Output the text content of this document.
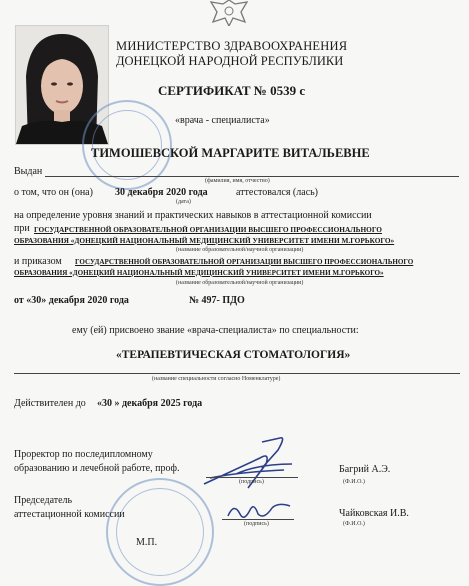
МИНИСТЕРСТВО ЗДРАВООХРАНЕНИЯ
ДОНЕЦКОЙ НАРОДНОЙ РЕСПУБЛИКИ
СЕРТИФИКАТ № 0539 с
«врача - специалиста»
Выдан
ТИМОШЕВСКОЙ МАРГАРИТЕ ВИТАЛЬЕВНЕ
(фамилия, имя, отчество)
о том, что он (она) 30 декабря 2020 года	аттестовался (лась)
(дата)
на определение уровня знаний и практических навыков в аттестационной комиссии
при ГОСУДАРСТВЕННОЙ ОБРАЗОВАТЕЛЬНОЙ ОРГАНИЗАЦИИ ВЫСШЕГО ПРОФЕССИОНАЛЬНОГО
ОБРАЗОВАНИЯ «ДОНЕЦКИЙ НАЦИОНАЛЬНЫЙ МЕДИЦИНСКИЙ УНИВЕРСИТЕТ ИМЕНИ М.ГОРЬКОГО»
(название образовательной/научной организации)
и приказом ГОСУДАРСТВЕННОЙ ОБРАЗОВАТЕЛЬНОЙ ОРГАНИЗАЦИИ ВЫСШЕГО ПРОФЕССИОНАЛЬНОГО
ОБРАЗОВАНИЯ «ДОНЕЦКИЙ НАЦИОНАЛЬНЫЙ МЕДИЦИНСКИЙ УНИВЕРСИТЕТ ИМЕНИ М.ГОРЬКОГО»
(название образовательной/научной организации)
от «30» декабря 2020 года	№ 497- ПДО
ему (ей) присвоено звание «врача-специалиста» по специальности:
«ТЕРАПЕВТИЧЕСКАЯ СТОМАТОЛОГИЯ»
(название специальности согласно Номенклатуре)
Действителен до «30 » декабря 2025 года
Проректор по последипломному
образованию и лечебной работе, проф.
(подпись)
Багрий А.Э.
(Ф.И.О.)
Председатель
аттестационной комиссии
(подпись)
Чайковская И.В.
(Ф.И.О.)
М.П.
